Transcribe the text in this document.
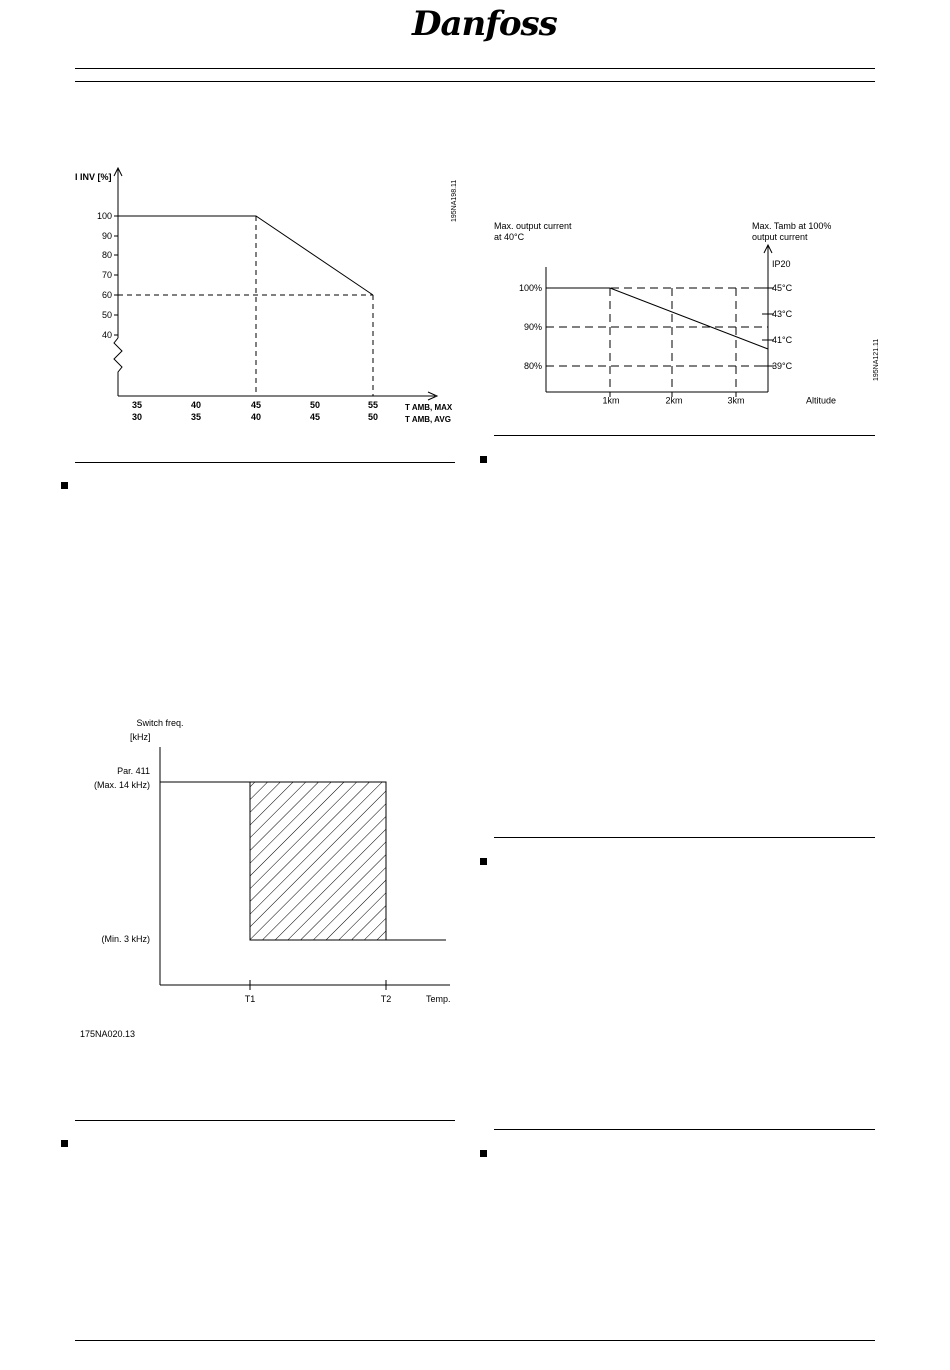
Danfoss
I INV [%]
100
90
80
70
60
50
40
35	40	45	50	55
30	35	40	45	50
T AMB, MAX
T AMB, AVG
195NA198.11
Max. output current
at 40°C
Max. Tamb at 100%
output current
IP20
100%
90%
80%
45°C
43°C
41°C
39°C
1km	2km	3km	Altitude
195NA121.11
Switch freq.
[kHz]
Par. 411
(Max. 14 kHz)
(Min. 3 kHz)
T1	T2	Temp.
175NA020.13
